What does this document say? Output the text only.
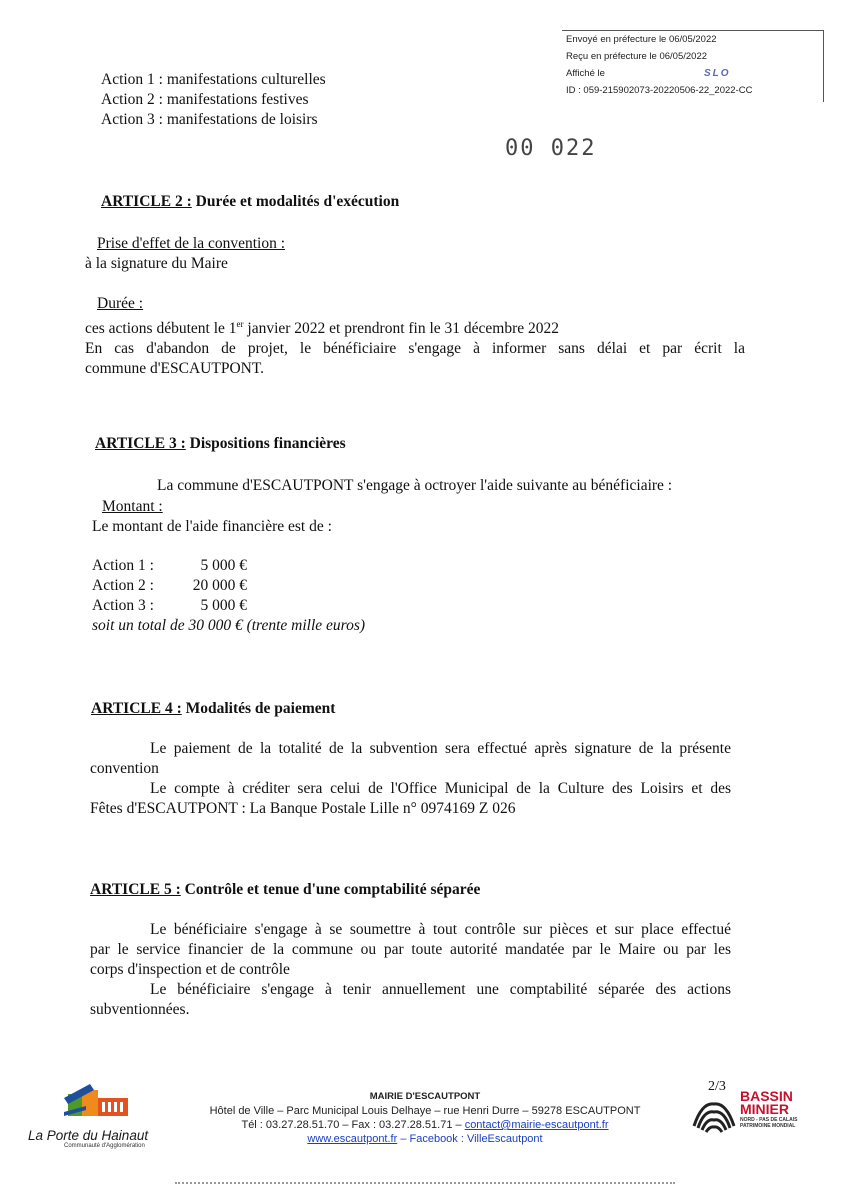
Envoyé en préfecture le 06/05/2022
Reçu en préfecture le 06/05/2022
Affiché le
ID : 059-215902073-20220506-22_2022-CC
SLO

Action 1 : manifestations culturelles

Action 2 : manifestations festives

Action 3 : manifestations de loisirs

00 022
ARTICLE 2 : Durée et modalités d'exécution

Prise d'effet de la convention :

à la signature du Maire

Durée :

ces actions débutent le 1er janvier 2022 et prendront fin le 31 décembre 2022

En cas d'abandon de projet, le bénéficiaire s'engage à informer sans délai et par écrit la

commune d'ESCAUTPONT.

ARTICLE 3 : Dispositions financières
La commune d'ESCAUTPONT s'engage à octroyer l'aide suivante au bénéficiaire :

Montant :

Le montant de l'aide financière est de :

Action 1 :	5 000 €
Action 2 :	20 000 €
Action 3 :	5 000 €

soit un total de 30 000 € (trente mille euros)

ARTICLE 4 : Modalités de paiement

Le paiement de la totalité de la subvention sera effectué après signature de la présente

convention

Le compte à créditer sera celui de l'Office Municipal de la Culture des Loisirs et des

Fêtes d'ESCAUTPONT : La Banque Postale Lille n° 0974169 Z 026

ARTICLE 5 : Contrôle et tenue d'une comptabilité séparée

Le bénéficiaire s'engage à se soumettre à tout contrôle sur pièces et sur place effectué

par le service financier de la commune ou par toute autorité mandatée par le Maire ou par les

corps d'inspection et de contrôle

Le bénéficiaire s'engage à tenir annuellement une comptabilité séparée des actions

subventionnées.

La Porte du Hainaut
Communauté d'Agglomération
MAIRIE D'ESCAUTPONT
Hôtel de Ville – Parc Municipal Louis Delhaye – rue Henri Durre – 59278 ESCAUTPONT
Tél : 03.27.28.51.70 – Fax : 03.27.28.51.71 – contact@mairie-escautpont.fr
www.escautpont.fr – Facebook : VilleEscautpont
2/3
BASSIN
MINIER
NORD - PAS DE CALAIS
PATRIMOINE MONDIAL
